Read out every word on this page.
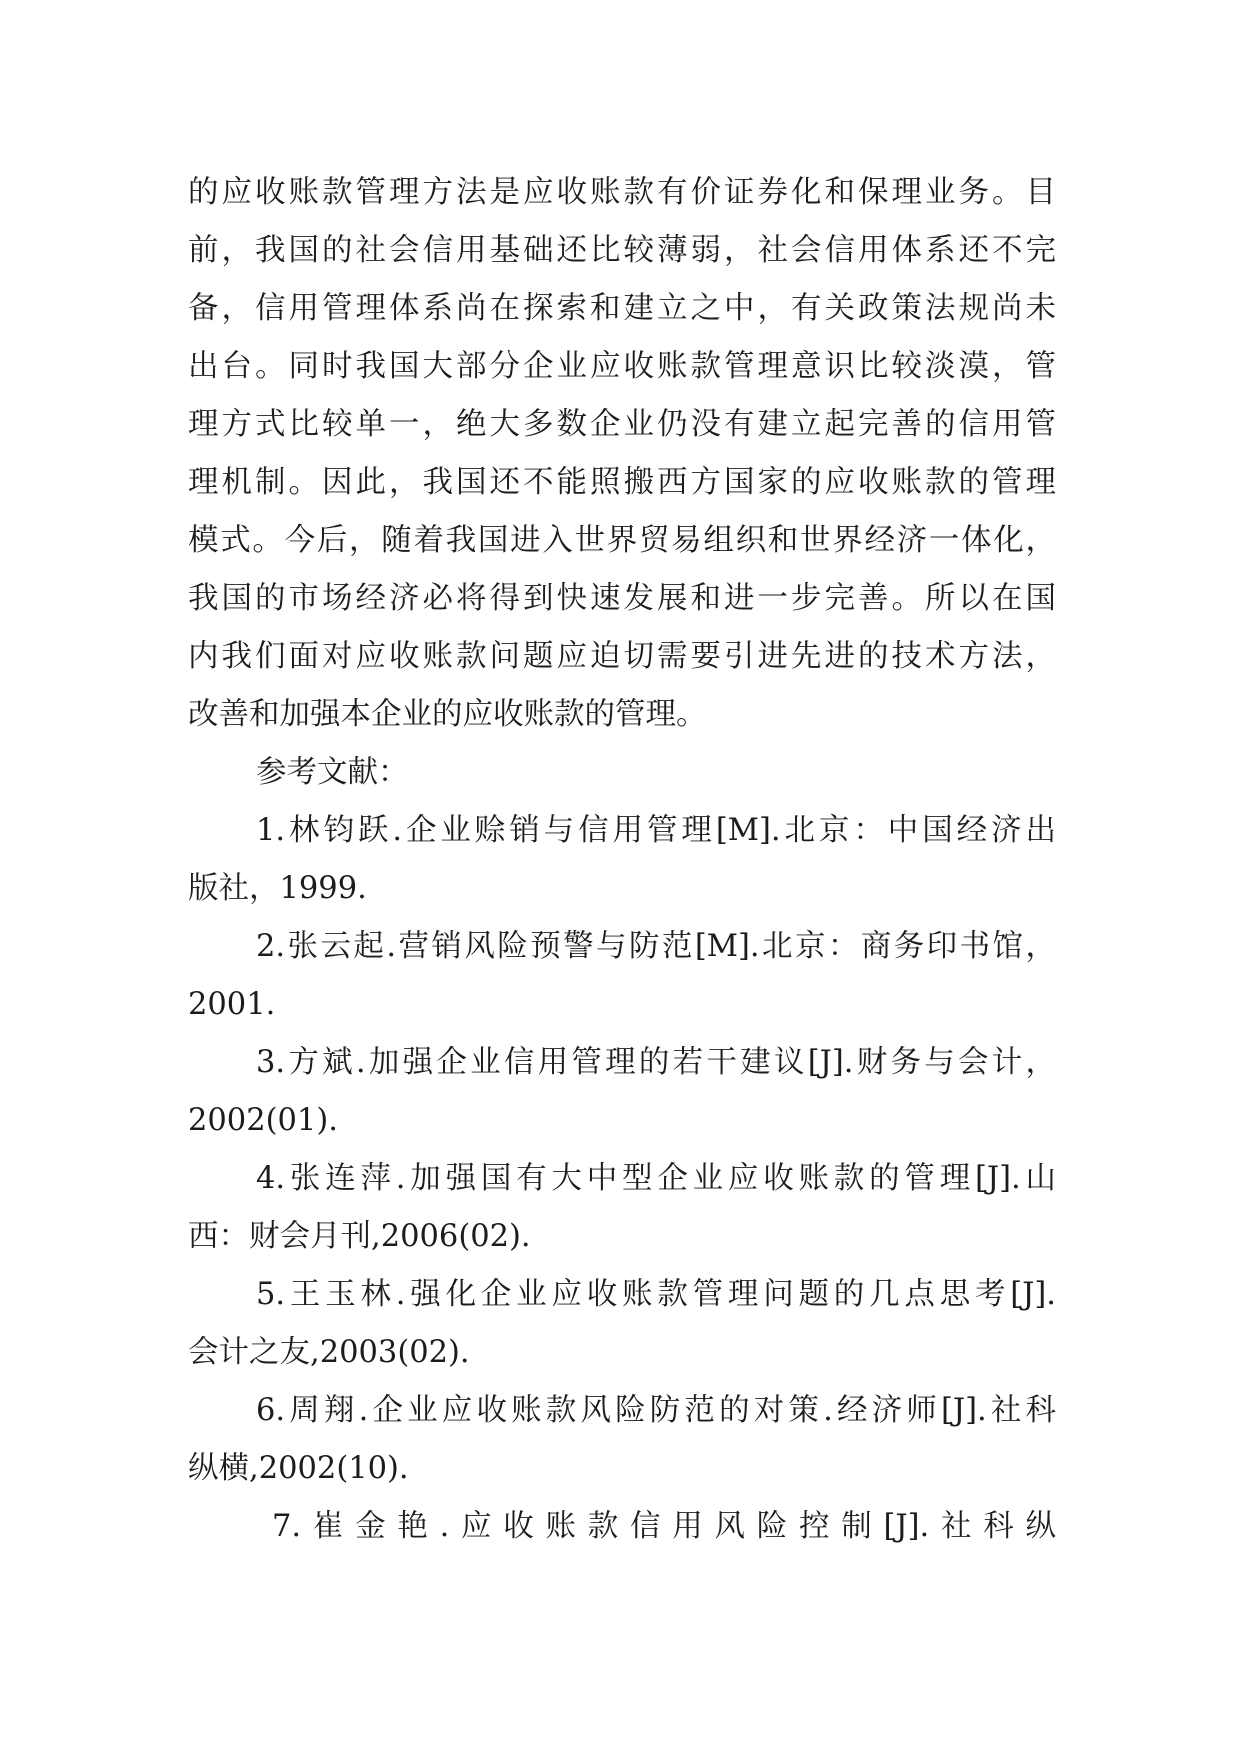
的应收账款管理方法是应收账款有价证券化和保理业务。目
前，我国的社会信用基础还比较薄弱，社会信用体系还不完
备，信用管理体系尚在探索和建立之中，有关政策法规尚未
出台。同时我国大部分企业应收账款管理意识比较淡漠，管
理方式比较单一，绝大多数企业仍没有建立起完善的信用管
理机制。因此，我国还不能照搬西方国家的应收账款的管理
模式。今后，随着我国进入世界贸易组织和世界经济一体化，
我国的市场经济必将得到快速发展和进一步完善。所以在国
内我们面对应收账款问题应迫切需要引进先进的技术方法，
改善和加强本企业的应收账款的管理。
参考文献：
1.林钧跃.企业赊销与信用管理[M].北京：中国经济出
版社，1999.
2.张云起.营销风险预警与防范[M].北京：商务印书馆，
2001.
3.方斌.加强企业信用管理的若干建议[J].财务与会计，
2002(01).
4.张连萍.加强国有大中型企业应收账款的管理[J].山
西：财会月刊,2006(02).
5.王玉林.强化企业应收账款管理问题的几点思考[J].
会计之友,2003(02).
6.周翔.企业应收账款风险防范的对策.经济师[J].社科
纵横,2002(10).
7.崔金艳.应收账款信用风险控制[J].社科纵
